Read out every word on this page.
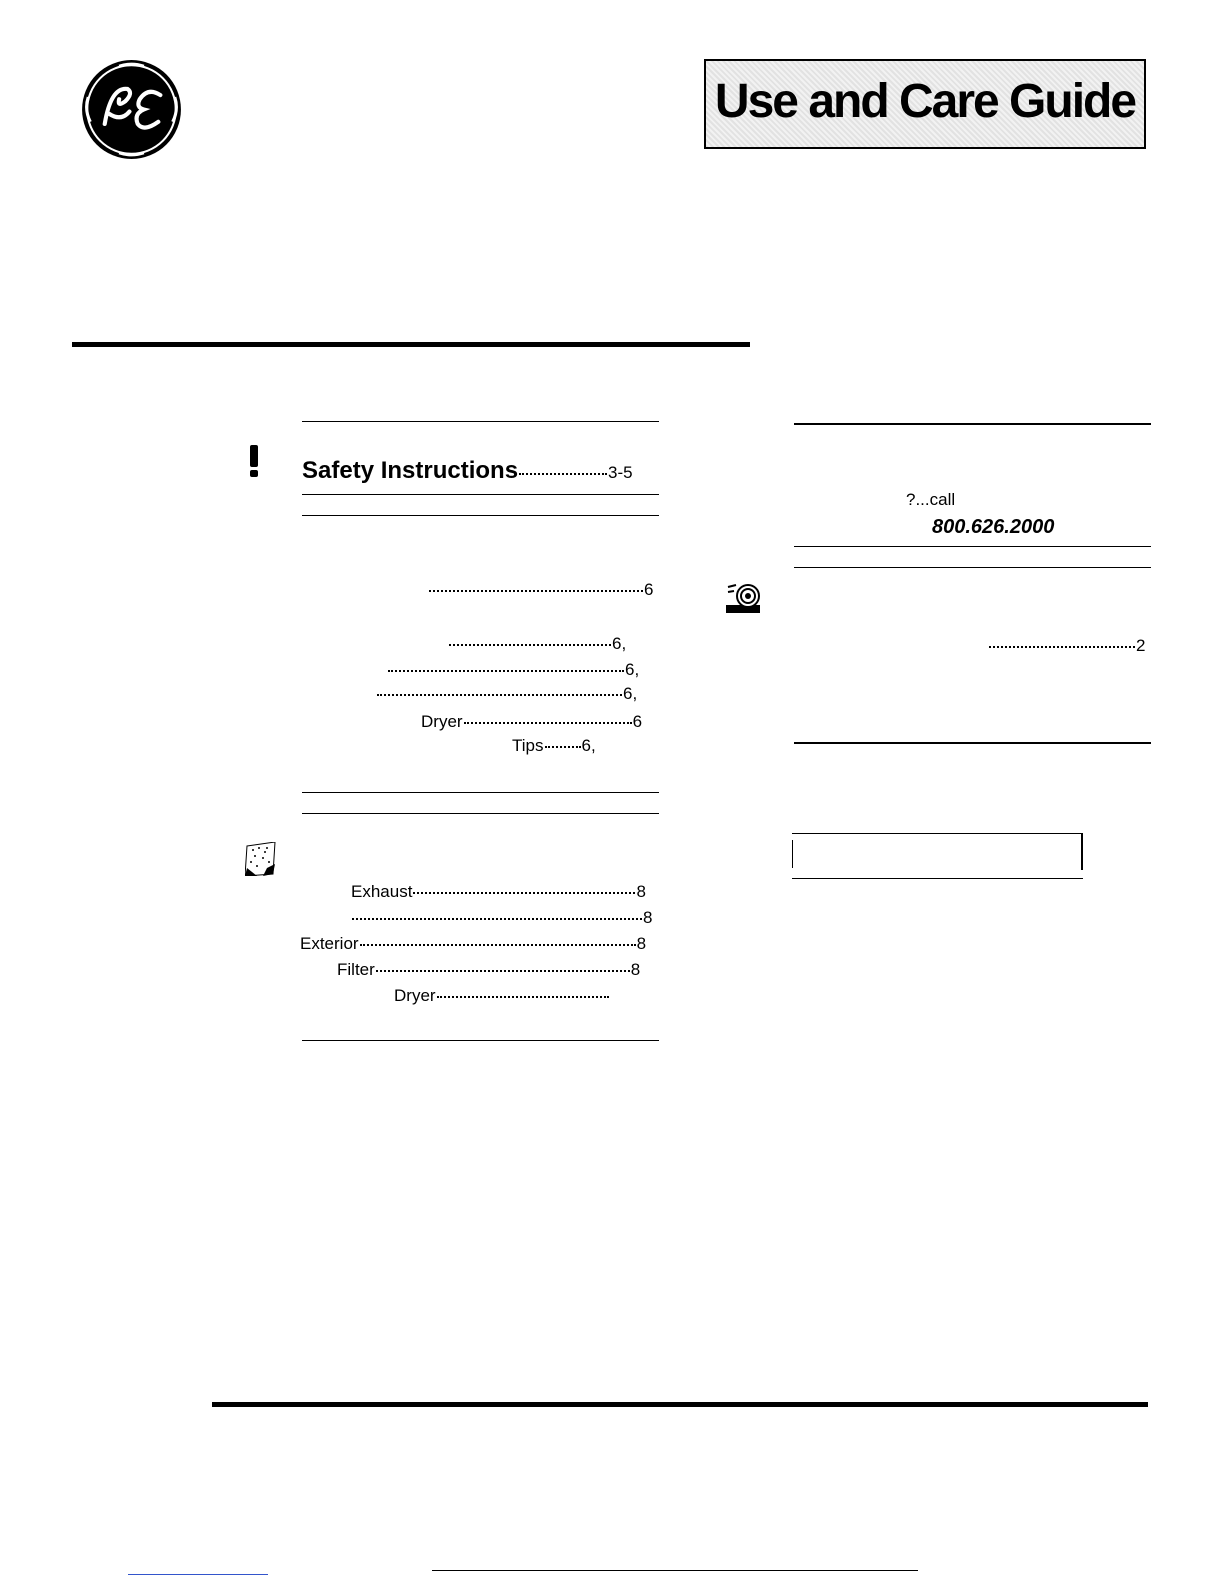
Use and Care Guide
Safety Instructions	3-5
6
6,
6,
6,
Dryer	6
Tips 6,
Exhaust	8
8
Exterior	8
Filter	8
Dryer
?...call
800.626.2000
2
